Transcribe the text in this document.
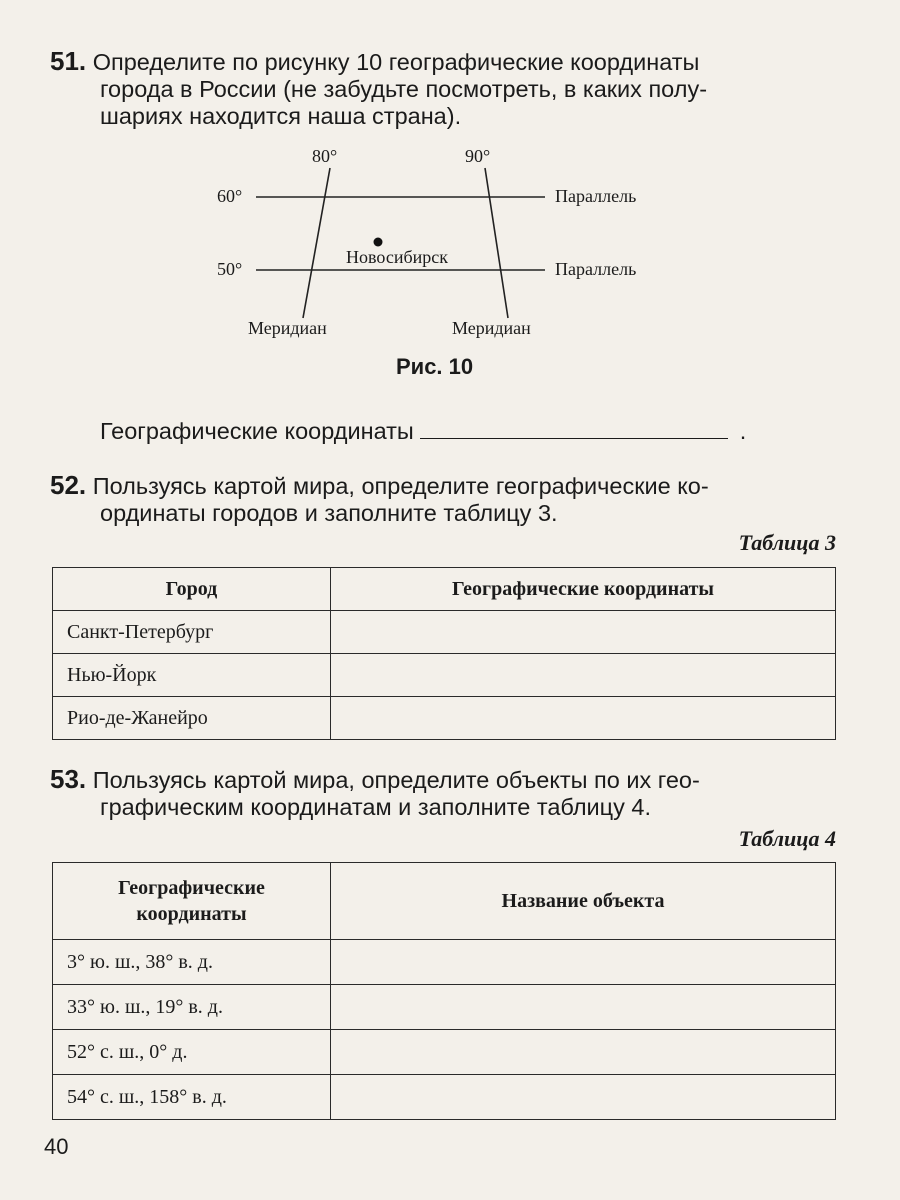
51. Определите по рисунку 10 географические координаты
города в России (не забудьте посмотреть, в каких полу-
шариях находится наша страна).
80°	90°
60°
50°
Параллель
Параллель
Новосибирск
Меридиан	Меридиан
Рис. 10
Географические координаты	.
52. Пользуясь картой мира, определите географические ко-
ординаты городов и заполните таблицу 3.
Таблица 3
Город	Географические координаты
Санкт-Петербург	
Нью-Йорк	
Рио-де-Жанейро	
53. Пользуясь картой мира, определите объекты по их гео-
графическим координатам и заполните таблицу 4.
Таблица 4
Географические
координаты	Название объекта
3° ю. ш., 38° в. д.	
33° ю. ш., 19° в. д.	
52° с. ш., 0° д.	
54° с. ш., 158° в. д.	
40
